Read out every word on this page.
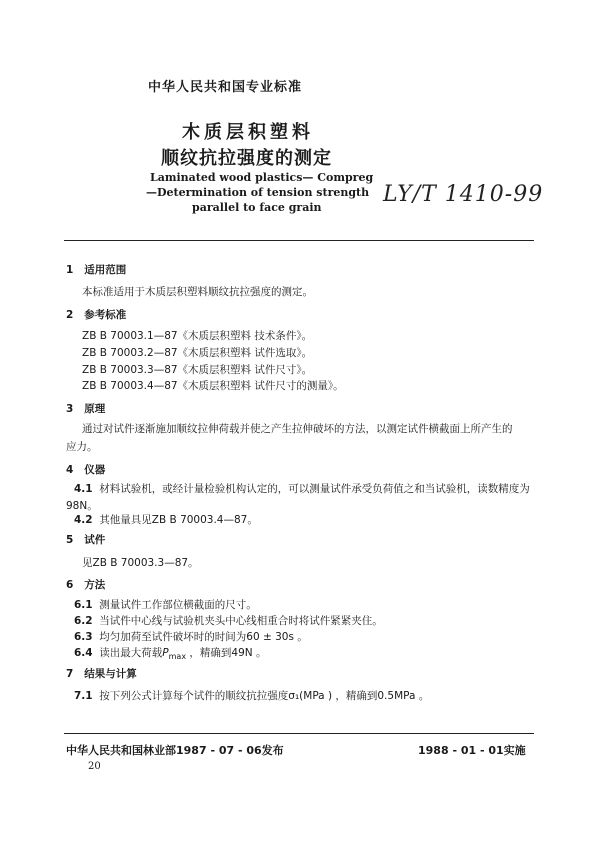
中华人民共和国专业标准
木质层积塑料
顺纹抗拉强度的测定
Laminated wood plastics— Compreg
—Determination of tension strength
parallel to face grain
LY/T 1410-99
1 适用范围
本标准适用于木质层积塑料顺纹抗拉强度的测定。
2 参考标准
ZB B 70003.1—87《木质层积塑料 技术条件》。
ZB B 70003.2—87《木质层积塑料 试件选取》。
ZB B 70003.3—87《木质层积塑料 试件尺寸》。
ZB B 70003.4—87《木质层积塑料 试件尺寸的测量》。
3 原理
通过对试件逐渐施加顺纹拉伸荷载并使之产生拉伸破坏的方法，以测定试件横截面上所产生的
应力。
4 仪器
4.1 材料试验机，或经计量检验机构认定的，可以测量试件承受负荷值之和当试验机，读数精度为
98N。
4.2 其他量具见ZB B 70003.4—87。
5 试件
见ZB B 70003.3—87。
6 方法
6.1 测量试件工作部位横截面的尺寸。
6.2 当试件中心线与试验机夹头中心线相重合时将试件紧紧夹住。
6.3 均匀加荷至试件破坏时的时间为60 ± 30s 。
6.4 读出最大荷载$P_{max}$ ，精确到49N 。
7 结果与计算
7.1 按下列公式计算每个试件的顺纹抗拉强度σ₁(MPa ) ，精确到0.5MPa 。
中华人民共和国林业部1987 - 07 - 06发布	1988 - 01 - 01实施
20
